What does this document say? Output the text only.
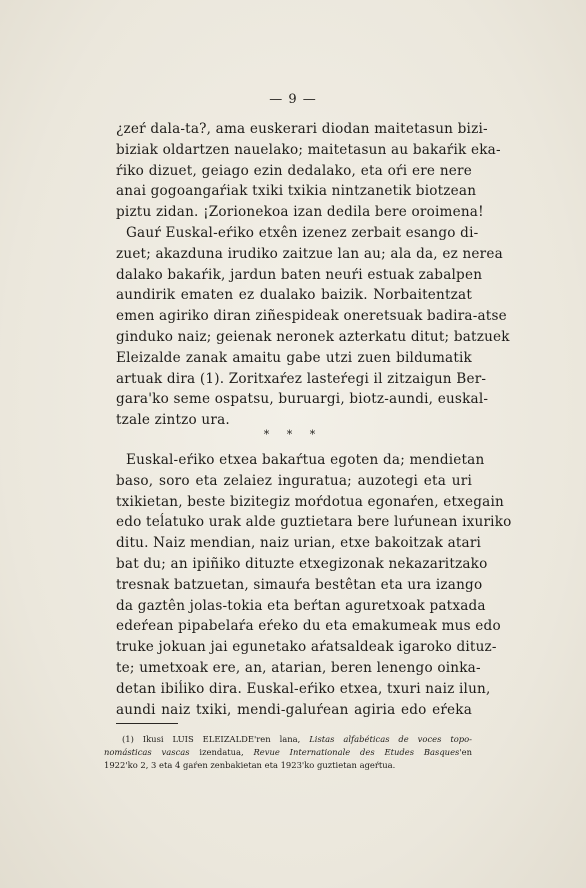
— 9 —
¿zeŕ dala-ta?, ama euskerari diodan maitetasun bizi-
biziak oldartzen nauelako; maitetasun au bakaŕik eka-
ŕiko dizuet, geiago ezin dedalako, eta oŕi ere nere
anai gogoangaŕiak txiki txikia nintzanetik biotzean
piztu zidan. ¡Zorionekoa izan dedila bere oroimena!
Gauŕ Euskal-eŕiko etxên izenez zerbait esango di-
zuet; akazduna irudiko zaitzue lan au; ala da, ez nerea
dalako bakaŕik, jardun baten neuŕi estuak zabalpen
aundirik ematen ez dualako baizik. Norbaitentzat
emen agiriko diran ziñespideak oneretsuak badira-atse
ginduko naiz; geienak neronek azterkatu ditut; batzuek
Eleizalde zanak amaitu gabe utzi zuen bildumatik
artuak dira (1). Zoritxaŕez lasteŕegi il zitzaigun Ber-
gara'ko seme ospatsu, buruargi, biotz-aundi, euskal-
tzale zintzo ura.
* * *
Euskal-eŕiko etxea bakaŕtua egoten da; mendietan
baso, soro eta zelaiez inguratua; auzotegi eta uri
txikietan, beste bizitegiz moŕdotua egonaŕen, etxegain
edo teĺatuko urak alde guztietara bere luŕunean ixuriko
ditu. Naiz mendian, naiz urian, etxe bakoitzak atari
bat du; an ipiñiko dituzte etxegizonak nekazaritzako
tresnak batzuetan, simauŕa bestêtan eta ura izango
da gaztên jolas-tokia eta beŕtan aguretxoak patxada
edeŕean pipabelaŕa eŕeko du eta emakumeak mus edo
truke jokuan jai egunetako aŕatsaldeak igaroko dituz-
te; umetxoak ere, an, atarian, beren lenengo oinka-
detan ibiĺiko dira. Euskal-eŕiko etxea, txuri naiz ilun,
aundi naiz txiki, mendi-galuŕean agiria edo eŕeka
(1) Ikusi LUIS ELEIZALDE'ren lana, Listas alfabéticas de voces topo-
nomásticas vascas izendatua, Revue Internationale des Etudes Basques'en
1922'ko 2, 3 eta 4 gaŕen zenbakietan eta 1923'ko guztietan ageŕtua.
